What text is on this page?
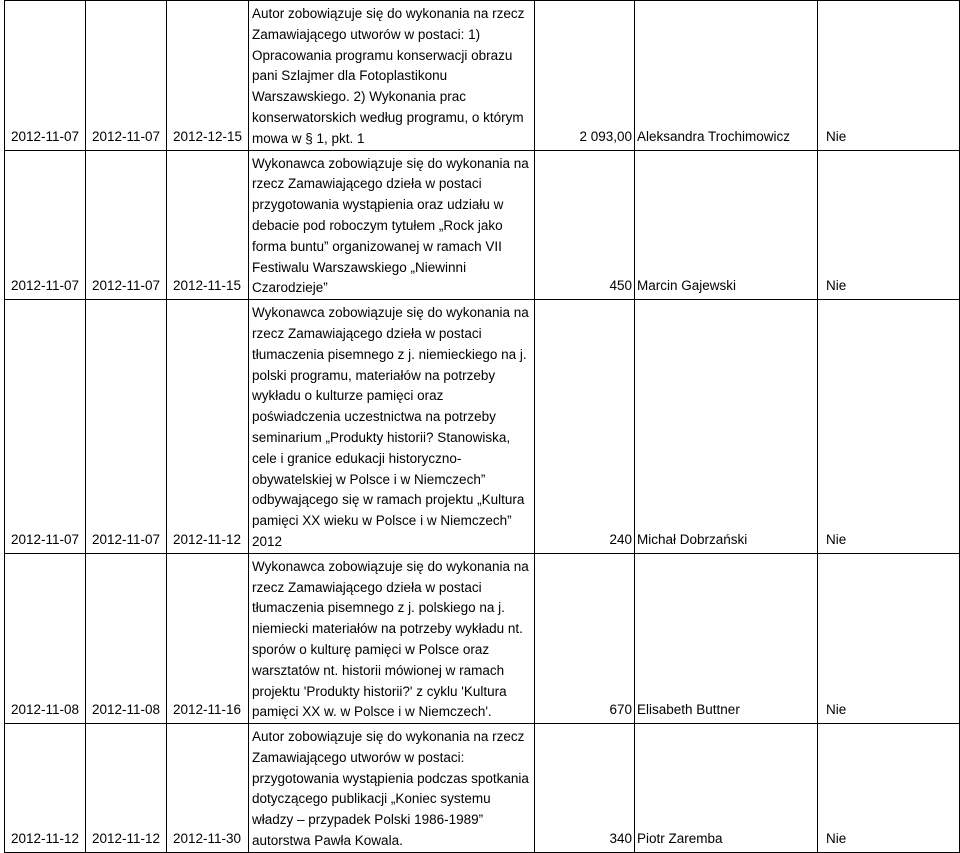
2012-11-07	2012-11-07	2012-12-15	Autor zobowiązuje się do wykonania na rzecz Zamawiającego utworów w postaci: 1) Opracowania programu konserwacji obrazu pani Szlajmer dla Fotoplastikonu Warszawskiego. 2) Wykonania prac konserwatorskich według programu, o którym mowa w § 1, pkt. 1	2 093,00	Aleksandra Trochimowicz	Nie
2012-11-07	2012-11-07	2012-11-15	Wykonawca zobowiązuje się do wykonania na rzecz Zamawiającego dzieła w postaci przygotowania wystąpienia oraz udziału w debacie pod roboczym tytułem „Rock jako forma buntu” organizowanej w ramach VII Festiwalu Warszawskiego „Niewinni Czarodzieje”	450	Marcin Gajewski	Nie
2012-11-07	2012-11-07	2012-11-12	Wykonawca zobowiązuje się do wykonania na rzecz Zamawiającego dzieła w postaci tłumaczenia pisemnego z j. niemieckiego na j. polski programu, materiałów na potrzeby wykładu o kulturze pamięci oraz poświadczenia uczestnictwa na potrzeby seminarium „Produkty historii? Stanowiska, cele i granice edukacji historyczno-obywatelskiej w Polsce i w Niemczech” odbywającego się w ramach projektu „Kultura pamięci XX wieku w Polsce i w Niemczech” 2012	240	Michał Dobrzański	Nie
2012-11-08	2012-11-08	2012-11-16	Wykonawca zobowiązuje się do wykonania na rzecz Zamawiającego dzieła w postaci tłumaczenia pisemnego z j. polskiego na j. niemiecki materiałów na potrzeby wykładu nt. sporów o kulturę pamięci w Polsce oraz warsztatów nt. historii mówionej w ramach projektu 'Produkty historii?' z cyklu 'Kultura pamięci XX w. w Polsce i w Niemczech'.	670	Elisabeth Buttner	Nie
2012-11-12	2012-11-12	2012-11-30	Autor zobowiązuje się do wykonania na rzecz Zamawiającego utworów w postaci: przygotowania wystąpienia podczas spotkania dotyczącego publikacji „Koniec systemu władzy – przypadek Polski 1986-1989” autorstwa Pawła Kowala.	340	Piotr Zaremba	Nie
